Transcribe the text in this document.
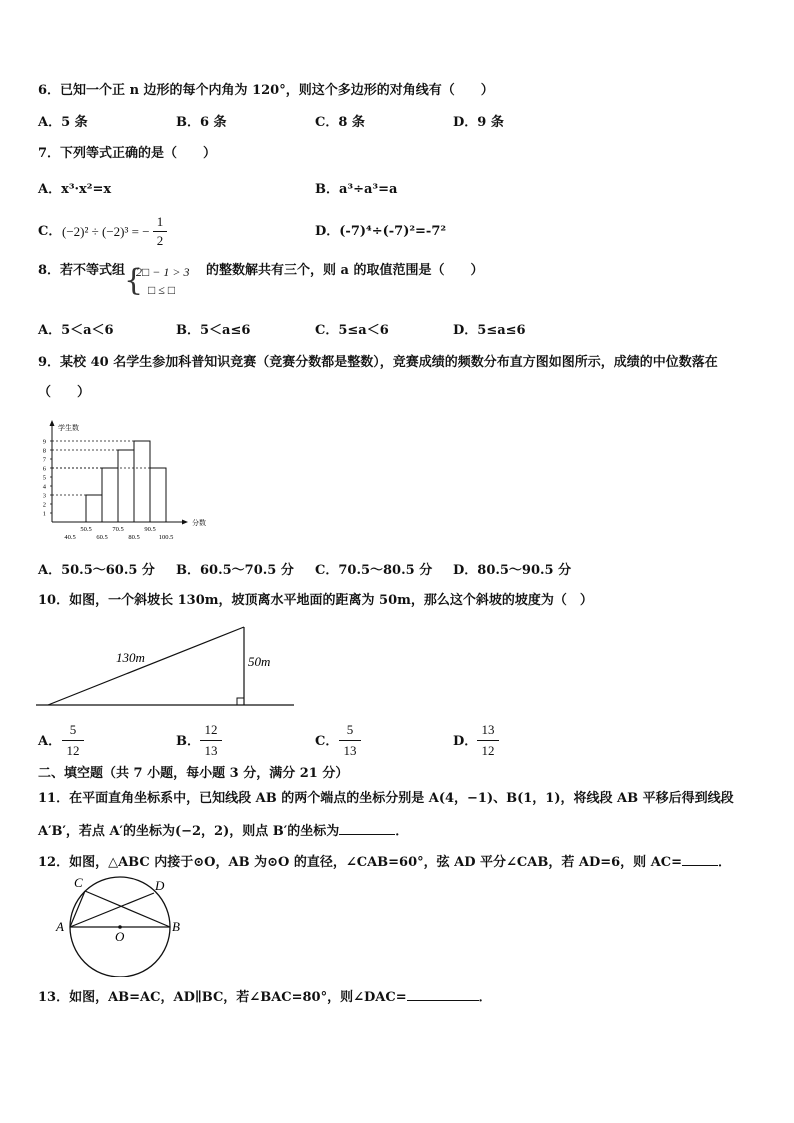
6．已知一个正 n 边形的每个内角为 120°，则这个多边形的对角线有（　　）
A．5 条	B．6 条	C．8 条	D．9 条
7．下列等式正确的是（　　）
A．x³·x²=x	B．a³÷a³=a
C． (−2)² ÷ (−2)³ = −
1
2
D．(-7)⁴÷(-7)²=-7²
8．若不等式组
{
2□ − 1 > 3
□ ≤ □
的整数解共有三个，则 a 的取值范围是（　　）
A．5＜a＜6	B．5＜a≤6	C．5≤a＜6	D．5≤a≤6
9．某校 40 名学生参加科普知识竞赛（竞赛分数都是整数），竞赛成绩的频数分布直方图如图所示，成绩的中位数落在
（　　）
学生数
分数
1
2
3
4
5
6
7
8
9
50.5	70.5	90.5
40.5	60.5	80.5	100.5
A．50.5～60.5 分 B．60.5～70.5 分 C．70.5～80.5 分 D．80.5～90.5 分
10．如图，一个斜坡长 130m，坡顶离水平地面的距离为 50m，那么这个斜坡的坡度为（　）
130m	50m
A．
5
12
B．
12
13
C．
5
13
D．
13
12
二、填空题（共 7 小题，每小题 3 分，满分 21 分）
11．在平面直角坐标系中，已知线段 AB 的两个端点的坐标分别是 A(4，−1)、B(1，1)，将线段 AB 平移后得到线段
A′B′，若点 A′的坐标为(−2，2)，则点 B′的坐标为	．
12．如图，△ABC 内接于⊙O，AB 为⊙O 的直径，∠CAB=60°，弦 AD 平分∠CAB，若 AD=6，则 AC=	．
C	D
A	B
O
13．如图，AB=AC，AD∥BC，若∠BAC=80°，则∠DAC=	．
